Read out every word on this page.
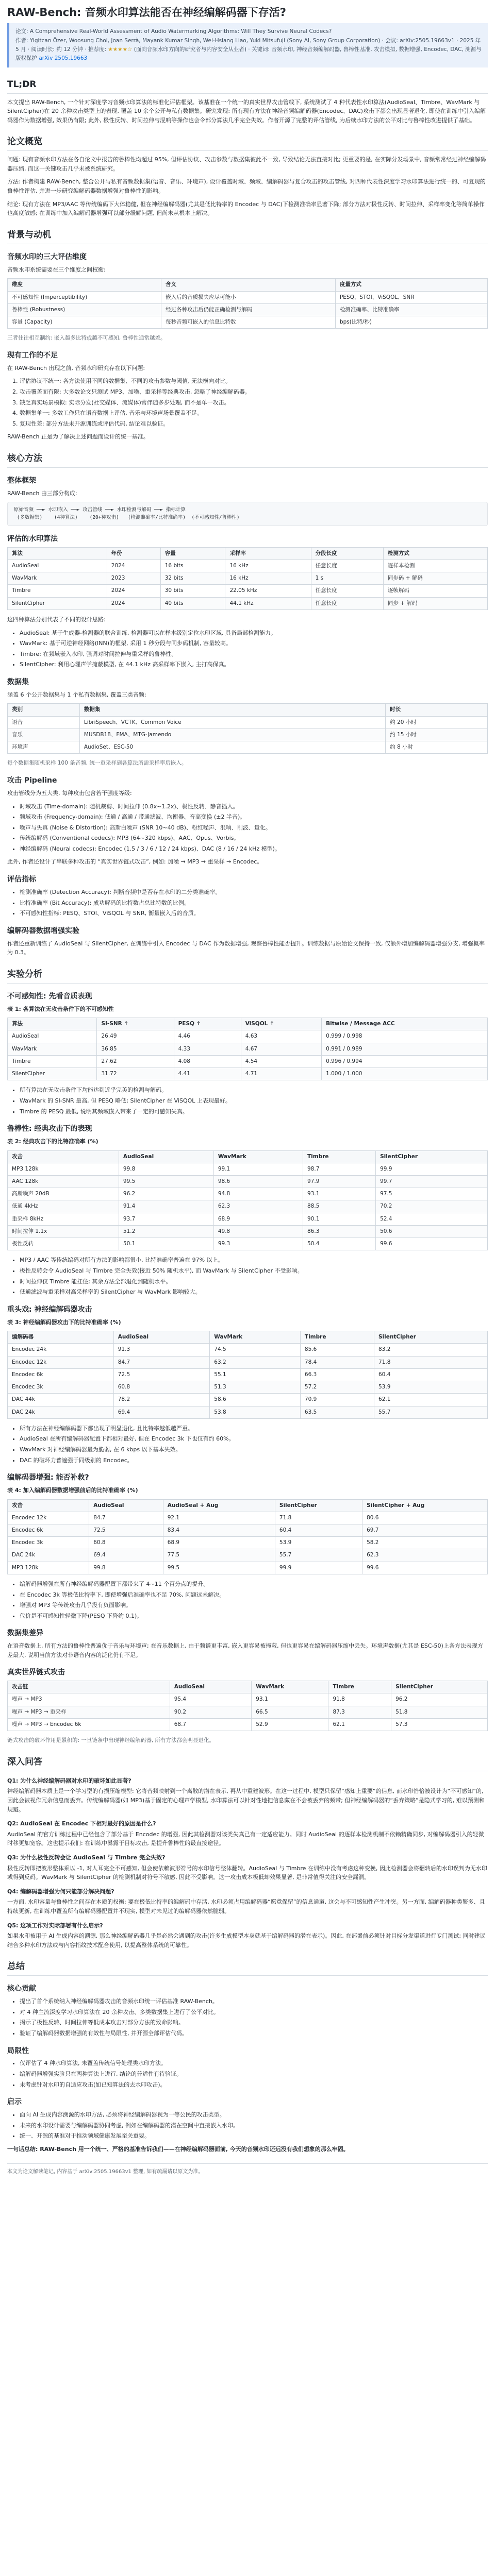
RAW-Bench: 音频水印算法能否在神经编解码器下存活?
论文: A Comprehensive Real-World Assessment of Audio Watermarking Algorithms: Will They Survive Neural Codecs?
作者: Yigitcan Özer, Woosung Choi, Joan Serrà, Mayank Kumar Singh, Wei-Hsiang Liao, Yuki Mitsufuji (Sony AI, Sony Group Corporation) · 会议: arXiv:2505.19663v1 · 2025 年 5 月 · 阅读时长: 约 12 分钟 · 推荐度: ★★★★☆ (面向音频水印方向的研究者与内容安全从业者) · 关键词: 音频水印, 神经音频编解码器, 鲁棒性基准, 攻击模拟, 数据增强, Encodec, DAC, 溯源与版权保护 arXiv 2505.19663
TL;DR

本文提出 RAW-Bench, 一个针对深度学习音频水印算法的标准化评估框架。该基准在一个统一的真实世界攻击管线下, 系统测试了 4 种代表性水印算法(AudioSeal、Timbre、WavMark 与 SilentCipher)在 20 余种攻击类型上的表现, 覆盖 10 余个公开与私有数据集。研究发现: 所有现有方法在神经音频编解码器(Encodec、DAC)攻击下都会出现显著退化, 即使在训练中引入编解码器作为数据增强, 效果仍有限; 此外, 极性反转、时间拉伸与混响等操作也会令部分算法几乎完全失效。作者开源了完整的评估管线, 为后续水印方法的公平对比与鲁棒性改进提供了基础。

论文概览

问题: 现有音频水印方法在各自论文中报告的鲁棒性均超过 95%, 但评估协议、攻击参数与数据集彼此不一致, 导致结论无法直接对比; 更重要的是, 在实际分发场景中, 音频常常经过神经编解码器压缩, 而这一关键攻击几乎未被系统研究。

方法: 作者构建 RAW-Bench, 整合公开与私有音频数据集(语音、音乐、环境声), 设计覆盖时域、频域、编解码器与复合攻击的攻击管线, 对四种代表性深度学习水印算法进行统一的、可复现的鲁棒性评估, 并进一步研究编解码器数据增强对鲁棒性的影响。

结论: 现有方法在 MP3/AAC 等传统编码下大体稳健, 但在神经编解码器(尤其是低比特率的 Encodec 与 DAC)下检测准确率显著下降; 部分方法对极性反转、时间拉伸、采样率变化等简单操作也高度敏感; 在训练中加入编解码器增强可以部分缓解问题, 但尚未从根本上解决。

背景与动机
音频水印的三大评估维度

音频水印系统需要在三个维度之间权衡:

维度	含义	度量方式
不可感知性 (Imperceptibility)	嵌入后的音质损失应尽可能小	PESQ、STOI、ViSQOL、SNR
鲁棒性 (Robustness)	经过各种攻击后仍能正确检测与解码	检测准确率、比特准确率
容量 (Capacity)	每秒音频可嵌入的信息比特数	bps(比特/秒)

三者往往相互制约: 嵌入越多比特或越不可感知, 鲁棒性通常越差。

现有工作的不足

在 RAW-Bench 出现之前, 音频水印研究存在以下问题:

1. 评估协议不统一: 各方法使用不同的数据集、不同的攻击参数与阈值, 无法横向对比。
2. 攻击覆盖面有限: 大多数论文只测试 MP3、加噪、重采样等经典攻击, 忽略了神经编解码器。
3. 缺乏真实场景模拟: 实际分发(社交媒体、流媒体)常伴随多步处理, 而不是单一攻击。
4. 数据集单一: 多数工作只在语音数据上评估, 音乐与环境声场景覆盖不足。
5. 复现性差: 部分方法未开源训练或评估代码, 结论难以验证。

RAW-Bench 正是为了解决上述问题而设计的统一基准。

核心方法
整体框架

RAW-Bench 由三部分构成:

原始音频 ──► 水印嵌入 ──► 攻击管线 ──► 水印检测与解码 ──► 指标计算
(多数据集)    (4种算法)    (20+种攻击)   (检测准确率/比特准确率)  (不可感知性/鲁棒性)
评估的水印算法
算法	年份	容量	采样率	分段长度	检测方式
AudioSeal	2024	16 bits	16 kHz	任意长度	逐样本检测
WavMark	2023	32 bits	16 kHz	1 s	同步码 + 解码
Timbre	2024	30 bits	22.05 kHz	任意长度	逐帧解码
SilentCipher	2024	40 bits	44.1 kHz	任意长度	同步 + 解码

这四种算法分别代表了不同的设计思路:

• AudioSeal: 基于生成器-检测器的联合训练, 检测器可以在样本级别定位水印区域, 具备局部检测能力。
• WavMark: 基于可逆神经网络(INN)的框架, 采用 1 秒分段与同步码机制, 容量较高。
• Timbre: 在频域嵌入水印, 强调对时间拉伸与重采样的鲁棒性。
• SilentCipher: 利用心理声学掩蔽模型, 在 44.1 kHz 高采样率下嵌入, 主打高保真。
数据集

涵盖 6 个公开数据集与 1 个私有数据集, 覆盖三类音频:

类别	数据集	时长
语音	LibriSpeech、VCTK、Common Voice	约 20 小时
音乐	MUSDB18、FMA、MTG-Jamendo	约 15 小时
环境声	AudioSet、ESC-50	约 8 小时

每个数据集随机采样 100 条音频, 统一重采样到各算法所需采样率后嵌入。

攻击 Pipeline

攻击管线分为五大类, 每种攻击包含若干强度等级:

• 时域攻击 (Time-domain): 随机裁剪、时间拉伸 (0.8x~1.2x)、极性反转、静音插入。
• 频域攻击 (Frequency-domain): 低通 / 高通 / 带通滤波、均衡器、音高变换 (±2 半音)。
• 噪声与失真 (Noise & Distortion): 高斯白噪声 (SNR 10~40 dB)、粉红噪声、混响、削波、量化。
• 传统编解码 (Conventional codecs): MP3 (64~320 kbps)、AAC、Opus、Vorbis。
• 神经编解码 (Neural codecs): Encodec (1.5 / 3 / 6 / 12 / 24 kbps)、DAC (8 / 16 / 24 kHz 模型)。

此外, 作者还设计了串联多种攻击的 “真实世界链式攻击”, 例如: 加噪 → MP3 → 重采样 → Encodec。

评估指标
• 检测准确率 (Detection Accuracy): 判断音频中是否存在水印的二分类准确率。
• 比特准确率 (Bit Accuracy): 成功解码的比特数占总比特数的比例。
• 不可感知性指标: PESQ、STOI、ViSQOL 与 SNR, 衡量嵌入后的音质。
编解码器数据增强实验

作者还重新训练了 AudioSeal 与 SilentCipher, 在训练中引入 Encodec 与 DAC 作为数据增强, 观察鲁棒性能否提升。训练数据与原始论文保持一致, 仅额外增加编解码器增强分支, 增强概率为 0.3。

实验分析
不可感知性: 先看音质表现

表 1: 各算法在无攻击条件下的不可感知性

算法	SI-SNR ↑	PESQ ↑	ViSQOL ↑	Bitwise / Message ACC
AudioSeal	26.49	4.46	4.63	0.999 / 0.998
WavMark	36.85	4.33	4.67	0.991 / 0.989
Timbre	27.62	4.08	4.54	0.996 / 0.994
SilentCipher	31.72	4.41	4.71	1.000 / 1.000
• 所有算法在无攻击条件下均能达到近乎完美的检测与解码。
• WavMark 的 SI-SNR 最高, 但 PESQ 略低; SilentCipher 在 ViSQOL 上表现最好。
• Timbre 的 PESQ 最低, 说明其频域嵌入带来了一定的可感知失真。
鲁棒性: 经典攻击下的表现

表 2: 经典攻击下的比特准确率 (%)

攻击	AudioSeal	WavMark	Timbre	SilentCipher
MP3 128k	99.8	99.1	98.7	99.9
AAC 128k	99.5	98.6	97.9	99.7
高斯噪声 20dB	96.2	94.8	93.1	97.5
低通 4kHz	91.4	62.3	88.5	70.2
重采样 8kHz	93.7	68.9	90.1	52.4
时间拉伸 1.1x	51.2	49.8	86.3	50.6
极性反转	50.1	99.3	50.4	99.6
• MP3 / AAC 等传统编码对所有方法的影响都很小, 比特准确率普遍在 97% 以上。
• 极性反转会令 AudioSeal 与 Timbre 完全失效(接近 50% 随机水平), 而 WavMark 与 SilentCipher 不受影响。
• 时间拉伸仅 Timbre 能扛住; 其余方法全部退化到随机水平。
• 低通滤波与重采样对高采样率的 SilentCipher 与 WavMark 影响较大。
重头戏: 神经编解码器攻击

表 3: 神经编解码器攻击下的比特准确率 (%)

编解码器	AudioSeal	WavMark	Timbre	SilentCipher
Encodec 24k	91.3	74.5	85.6	83.2
Encodec 12k	84.7	63.2	78.4	71.8
Encodec 6k	72.5	55.1	66.3	60.4
Encodec 3k	60.8	51.3	57.2	53.9
DAC 44k	78.2	58.6	70.9	62.1
DAC 24k	69.4	53.8	63.5	55.7
• 所有方法在神经编解码器下都出现了明显退化, 且比特率越低越严重。
• AudioSeal 在所有编解码器配置下都相对最好, 但在 Encodec 3k 下也仅有约 60%。
• WavMark 对神经编解码器最为脆弱, 在 6 kbps 以下基本失效。
• DAC 的破坏力普遍强于同级别的 Encodec。
编解码器增强: 能否补救?

表 4: 加入编解码器数据增强前后的比特准确率 (%)

攻击	AudioSeal	AudioSeal + Aug	SilentCipher	SilentCipher + Aug
Encodec 12k	84.7	92.1	71.8	80.6
Encodec 6k	72.5	83.4	60.4	69.7
Encodec 3k	60.8	68.9	53.9	58.2
DAC 24k	69.4	77.5	55.7	62.3
MP3 128k	99.8	99.5	99.9	99.6
• 编解码器增强在所有神经编解码器配置下都带来了 4~11 个百分点的提升。
• 在 Encodec 3k 等极低比特率下, 即使增强后准确率也不足 70%, 问题远未解决。
• 增强对 MP3 等传统攻击几乎没有负面影响。
• 代价是不可感知性轻微下降(PESQ 下降约 0.1)。
数据集差异

在语音数据上, 所有方法的鲁棒性普遍优于音乐与环境声; 在音乐数据上, 由于频谱更丰富, 嵌入更容易被掩蔽, 但也更容易在编解码器压缩中丢失。环境声数据(尤其是 ESC-50)上各方法表现方差最大, 说明当前方法对非语音内容的泛化仍有不足。

真实世界链式攻击
攻击链	AudioSeal	WavMark	Timbre	SilentCipher
噪声 → MP3	95.4	93.1	91.8	96.2
噪声 → MP3 → 重采样	90.2	66.5	87.3	51.8
噪声 → MP3 → Encodec 6k	68.7	52.9	62.1	57.3

链式攻击的破坏作用是累积的: 一旦链条中出现神经编解码器, 所有方法都会明显退化。

深入问答

Q1: 为什么神经编解码器对水印的破坏如此显著?

神经编解码器本质上是一个学习型的有损压缩模型: 它将音频映射到一个离散的潜在表示, 再从中重建波形。在这一过程中, 模型只保留“感知上重要”的信息, 而水印恰恰被设计为“不可感知”的, 因此会被视作冗余信息而丢弃。传统编解码器(如 MP3)基于固定的心理声学模型, 水印算法可以针对性地把信息藏在不会被丢弃的频带; 但神经编解码器的“丢弃策略”是隐式学习的, 难以预测和规避。

Q2: AudioSeal 在 Encodec 下相对最好的原因是什么?

AudioSeal 的官方训练过程中已经包含了部分基于 Encodec 的增强, 因此其检测器对该类失真已有一定适应能力。同时 AudioSeal 的逐样本检测机制不依赖精确同步, 对编解码器引入的轻微时移更加宽容。这也提示我们: 在训练中暴露于目标攻击, 是提升鲁棒性的最直接途径。

Q3: 为什么极性反转会让 AudioSeal 与 Timbre 完全失效?

极性反转即把波形整体乘以 -1, 对人耳完全不可感知, 但会使依赖波形符号的水印信号整体翻转。AudioSeal 与 Timbre 在训练中没有考虑这种变换, 因此检测器会将翻转后的水印误判为无水印或得到反码。WavMark 与 SilentCipher 的检测机制对符号不敏感, 因此不受影响。这一攻击成本极低却效果显著, 是非常值得关注的安全漏洞。

Q4: 编解码器增强为何只能部分解决问题?

一方面, 水印容量与鲁棒性之间存在本质的权衡: 要在极低比特率的编解码中存活, 水印必须占用编解码器“愿意保留”的信息通道, 这会与不可感知性产生冲突。另一方面, 编解码器种类繁多、且持续更新, 在训练中覆盖所有编解码器配置并不现实, 模型对未见过的编解码器依然脆弱。

Q5: 这项工作对实际部署有什么启示?

如果水印被用于 AI 生成内容的溯源, 那么神经编解码器几乎是必然会遇到的攻击(许多生成模型本身就基于编解码器的潜在表示)。因此, 在部署前必须针对目标分发渠道进行专门测试; 同时建议结合多种水印方法或与内容指纹技术配合使用, 以提高整体系统的可靠性。

总结
核心贡献
• 提出了首个系统纳入神经编解码器攻击的音频水印统一评估基准 RAW-Bench。
• 对 4 种主流深度学习水印算法在 20 余种攻击、多类数据集上进行了公平对比。
• 揭示了极性反转、时间拉伸等低成本攻击对部分方法的致命影响。
• 验证了编解码器数据增强的有效性与局限性, 并开源全部评估代码。
局限性
• 仅评估了 4 种水印算法, 未覆盖传统信号处理类水印方法。
• 编解码器增强实验只在两种算法上进行, 结论的普适性有待验证。
• 未考虑针对水印的自适应攻击(如已知算法的去水印攻击)。
启示
• 面向 AI 生成内容溯源的水印方法, 必须将神经编解码器视为一等公民的攻击类型。
• 未来的水印设计需要与编解码器协同考虑, 例如在编解码器的潜在空间中直接嵌入水印。
• 统一、开源的基准对于推动领域健康发展至关重要。

一句话总结: RAW-Bench 用一个统一、严格的基准告诉我们——在神经编解码器面前, 今天的音频水印还远没有我们想象的那么牢固。

本文为论文解读笔记, 内容基于 arXiv:2505.19663v1 整理, 如有疏漏请以原文为准。
